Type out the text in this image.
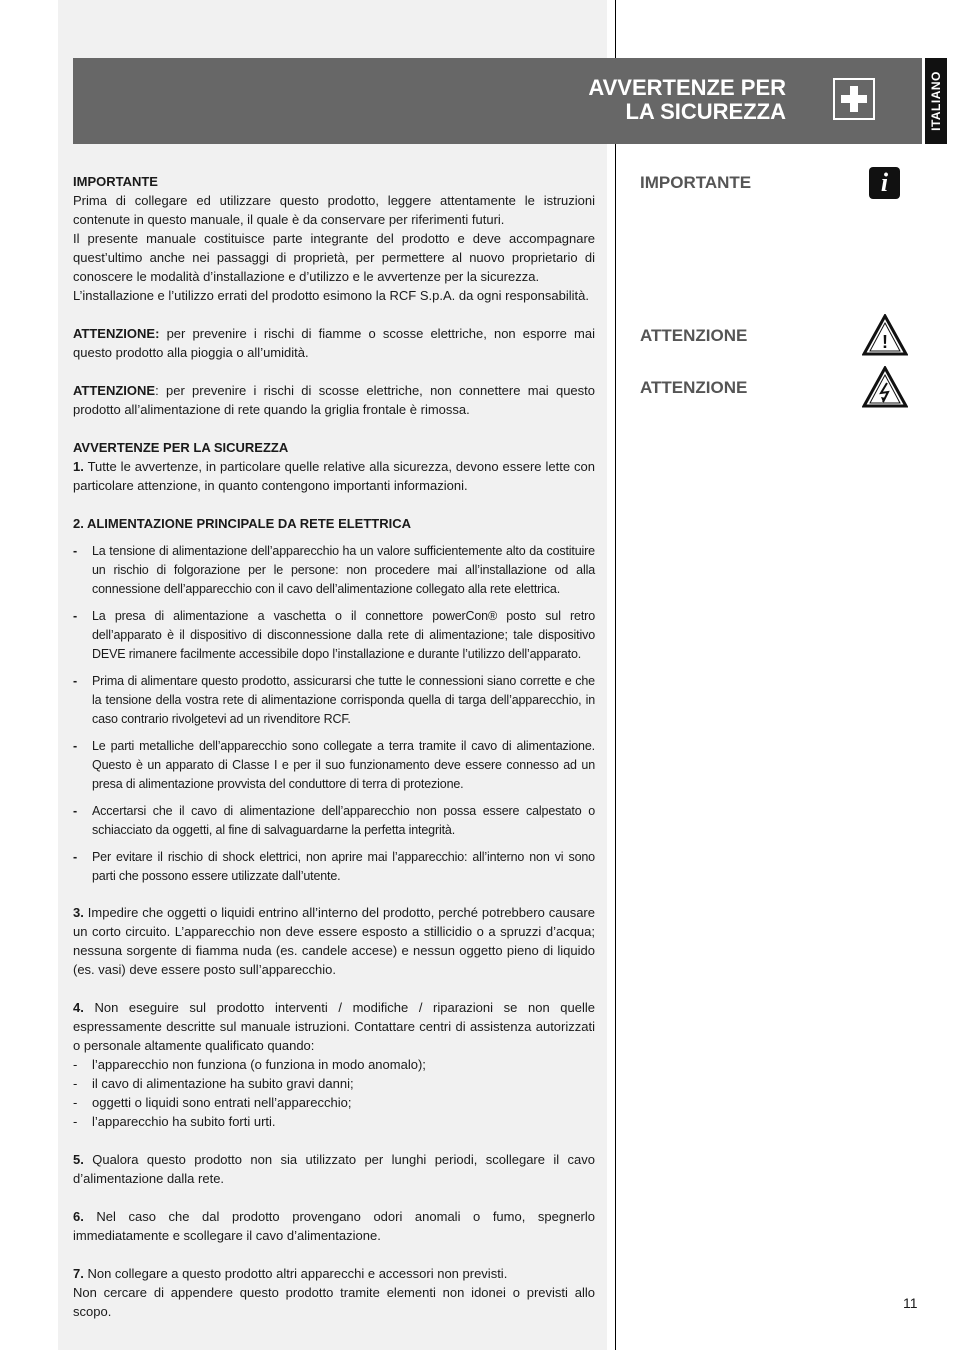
AVVERTENZE PER
LA SICUREZZA	ITALIANO
IMPORTANTE	i
ATTENZIONE	!
ATTENZIONE

IMPORTANTE

Prima di collegare ed utilizzare questo prodotto, leggere attentamente le istruzioni contenute in questo manuale, il quale è da conservare per riferimenti futuri.

Il presente manuale costituisce parte integrante del prodotto e deve accompagnare quest’ultimo anche nei passaggi di proprietà, per permettere al nuovo proprietario di conoscere le modalità d’installazione e d’utilizzo e le avvertenze per la sicurezza.

L’installazione e l’utilizzo errati del prodotto esimono la RCF S.p.A. da ogni responsabilità.

ATTENZIONE: per prevenire i rischi di fiamme o scosse elettriche, non esporre mai questo prodotto alla pioggia o all’umidità.

ATTENZIONE: per prevenire i rischi di scosse elettriche, non connettere mai questo prodotto all’alimentazione di rete quando la griglia frontale è rimossa.

AVVERTENZE PER LA SICUREZZA

1. Tutte le avvertenze, in particolare quelle relative alla sicurezza, devono essere lette con particolare attenzione, in quanto contengono importanti informazioni.

2. ALIMENTAZIONE PRINCIPALE DA RETE ELETTRICA

- La tensione di alimentazione dell’apparecchio ha un valore sufficientemente alto da costituire un rischio di folgorazione per le persone: non procedere mai all’installazione od alla connessione dell’apparecchio con il cavo dell’alimentazione collegato alla rete elettrica.
- La presa di alimentazione a vaschetta o il connettore powerCon® posto sul retro dell’apparato è il dispositivo di disconnessione dalla rete di alimentazione; tale dispositivo DEVE rimanere facilmente accessibile dopo l’installazione e durante l’utilizzo dell’apparato.
- Prima di alimentare questo prodotto, assicurarsi che tutte le connessioni siano corrette e che la tensione della vostra rete di alimentazione corrisponda quella di targa dell’apparecchio, in caso contrario rivolgetevi ad un rivenditore RCF.
- Le parti metalliche dell’apparecchio sono collegate a terra tramite il cavo di alimentazione. Questo è un apparato di Classe I e per il suo funzionamento deve essere connesso ad un presa di alimentazione provvista del conduttore di terra di protezione.
- Accertarsi che il cavo di alimentazione dell’apparecchio non possa essere calpestato o schiacciato da oggetti, al fine di salvaguardarne la perfetta integrità.
- Per evitare il rischio di shock elettrici, non aprire mai l’apparecchio: all’interno non vi sono parti che possono essere utilizzate dall’utente.

3. Impedire che oggetti o liquidi entrino all’interno del prodotto, perché potrebbero causare un corto circuito. L’apparecchio non deve essere esposto a stillicidio o a spruzzi d’acqua; nessuna sorgente di fiamma nuda (es. candele accese) e nessun oggetto pieno di liquido (es. vasi) deve essere posto sull’apparecchio.

4. Non eseguire sul prodotto interventi / modifiche / riparazioni se non quelle espressamente descritte sul manuale istruzioni. Contattare centri di assistenza autorizzati o personale altamente qualificato quando:

- l’apparecchio non funziona (o funziona in modo anomalo);
- il cavo di alimentazione ha subito gravi danni;
- oggetti o liquidi sono entrati nell’apparecchio;
- l’apparecchio ha subito forti urti.

5. Qualora questo prodotto non sia utilizzato per lunghi periodi, scollegare il cavo d’alimentazione dalla rete.

6. Nel caso che dal prodotto provengano odori anomali o fumo, spegnerlo immediatamente e scollegare il cavo d’alimentazione.

7. Non collegare a questo prodotto altri apparecchi e accessori non previsti.

Non cercare di appendere questo prodotto tramite elementi non idonei o previsti allo scopo.

11
